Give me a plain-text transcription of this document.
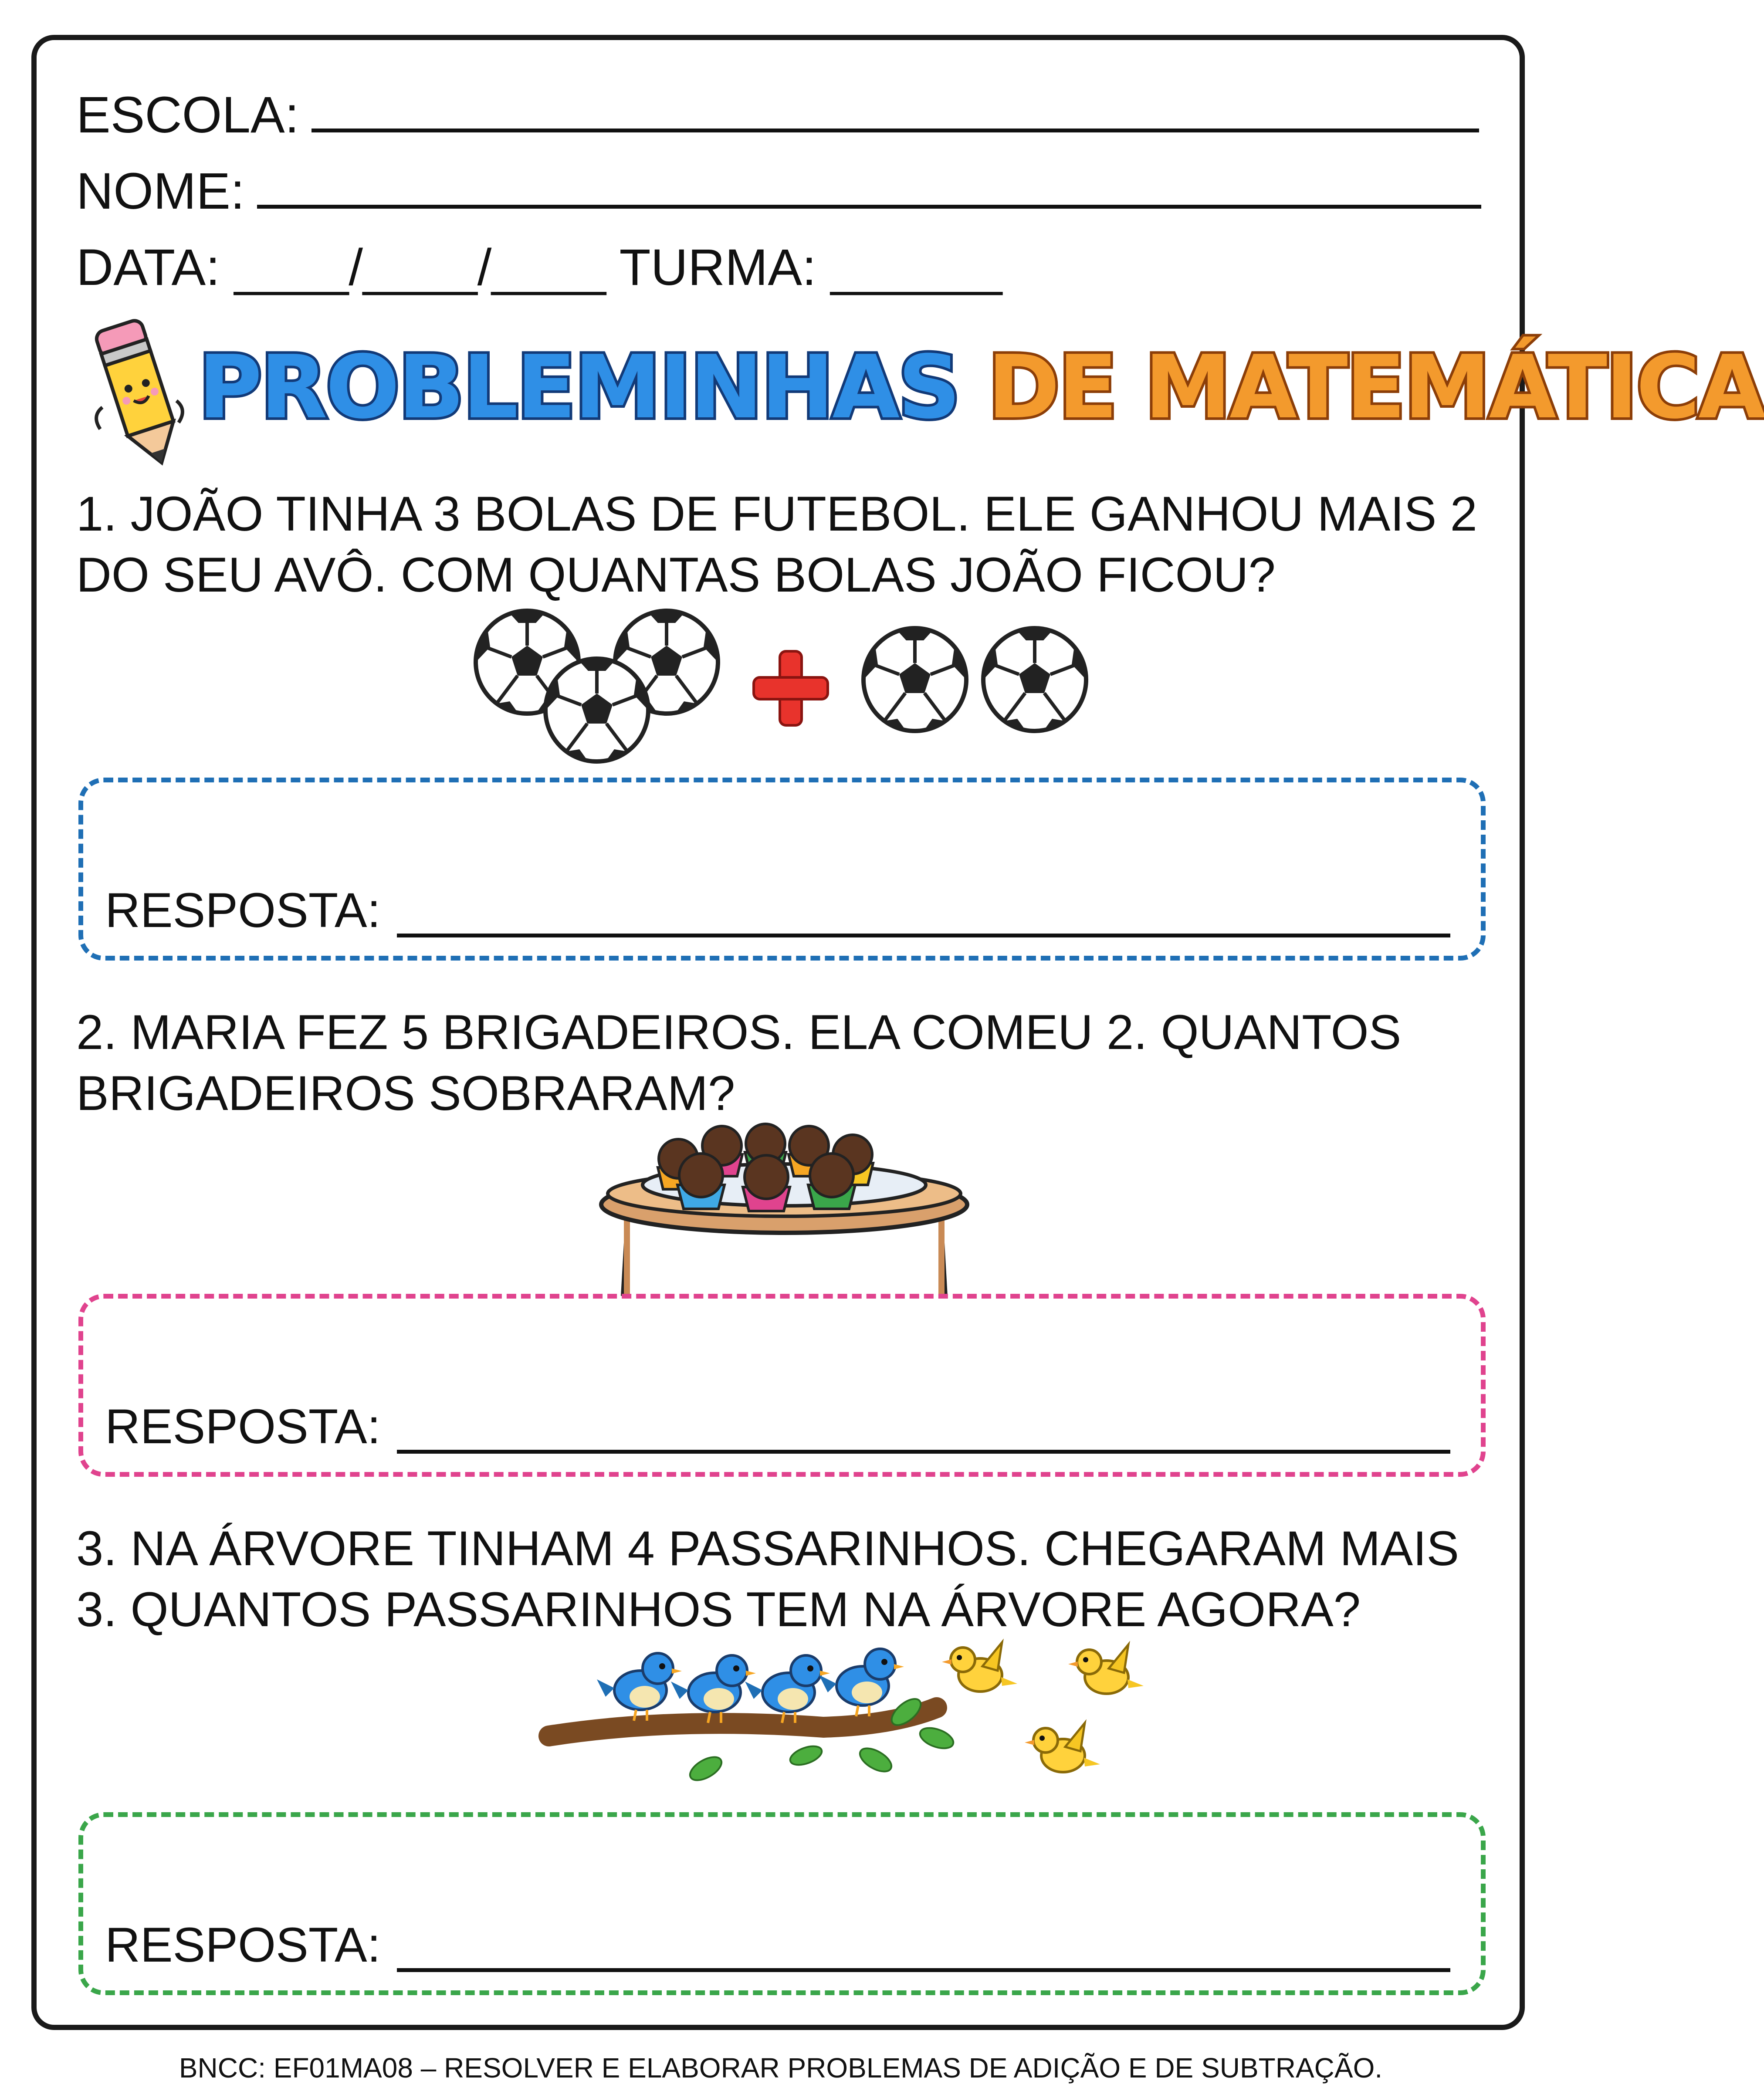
ESCOLA:
NOME:
DATA: ____/____/____ TURMA: ______
PROBLEMINHAS DE MATEMÁTICA

1. JOÃO TINHA 3 BOLAS DE FUTEBOL. ELE GANHOU MAIS 2 DO SEU AVÔ. COM QUANTAS BOLAS JOÃO FICOU?

RESPOSTA:

2. MARIA FEZ 5 BRIGADEIROS. ELA COMEU 2. QUANTOS BRIGADEIROS SOBRARAM?

RESPOSTA:

3. NA ÁRVORE TINHAM 4 PASSARINHOS. CHEGARAM MAIS 3. QUANTOS PASSARINHOS TEM NA ÁRVORE AGORA?

RESPOSTA:
BNCC: EF01MA08 – RESOLVER E ELABORAR PROBLEMAS DE ADIÇÃO E DE SUBTRAÇÃO.
